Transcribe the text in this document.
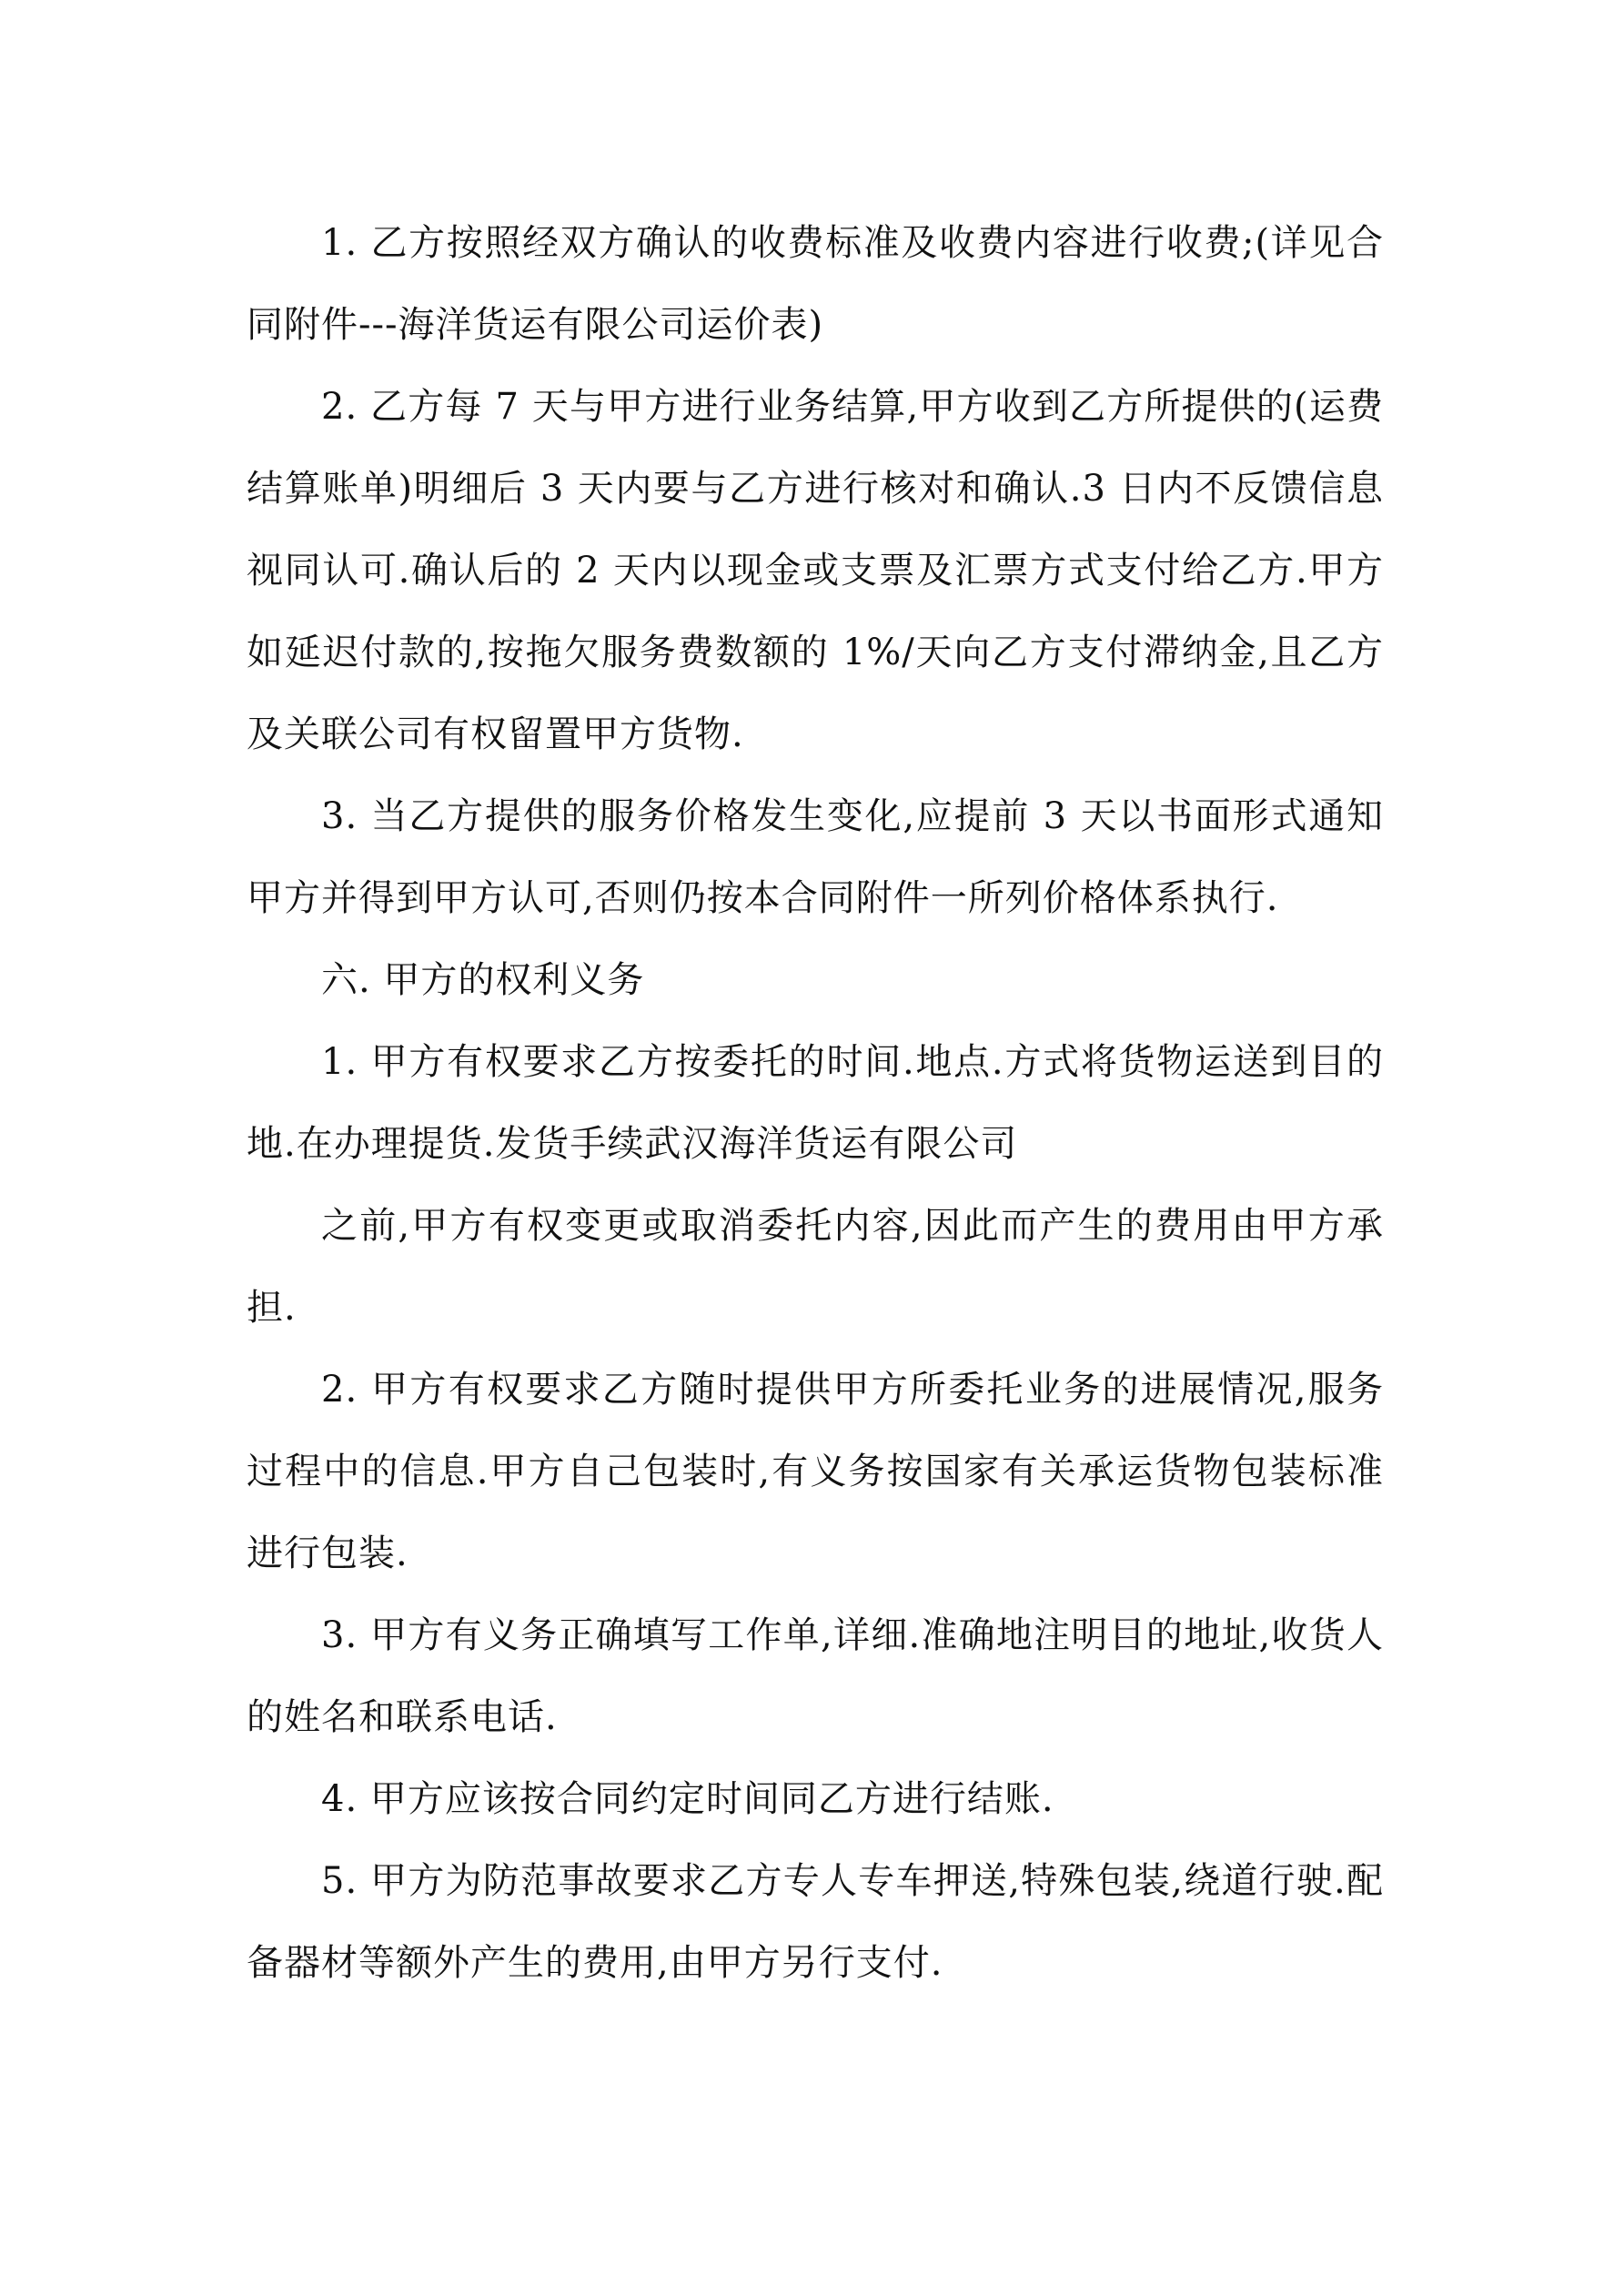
1. 乙方按照经双方确认的收费标准及收费内容进行收费;(详见合同附件---海洋货运有限公司运价表)

2. 乙方每 7 天与甲方进行业务结算,甲方收到乙方所提供的(运费结算账单)明细后 3 天内要与乙方进行核对和确认.3 日内不反馈信息视同认可.确认后的 2 天内以现金或支票及汇票方式支付给乙方.甲方如延迟付款的,按拖欠服务费数额的 1%/天向乙方支付滞纳金,且乙方及关联公司有权留置甲方货物.

3. 当乙方提供的服务价格发生变化,应提前 3 天以书面形式通知甲方并得到甲方认可,否则仍按本合同附件一所列价格体系执行.

六. 甲方的权利义务

1. 甲方有权要求乙方按委托的时间.地点.方式将货物运送到目的地.在办理提货.发货手续武汉海洋货运有限公司

之前,甲方有权变更或取消委托内容,因此而产生的费用由甲方承担.

2. 甲方有权要求乙方随时提供甲方所委托业务的进展情况,服务过程中的信息.甲方自己包装时,有义务按国家有关承运货物包装标准进行包装.

3. 甲方有义务正确填写工作单,详细.准确地注明目的地址,收货人的姓名和联系电话.

4. 甲方应该按合同约定时间同乙方进行结账.

5. 甲方为防范事故要求乙方专人专车押送,特殊包装,绕道行驶.配备器材等额外产生的费用,由甲方另行支付.
